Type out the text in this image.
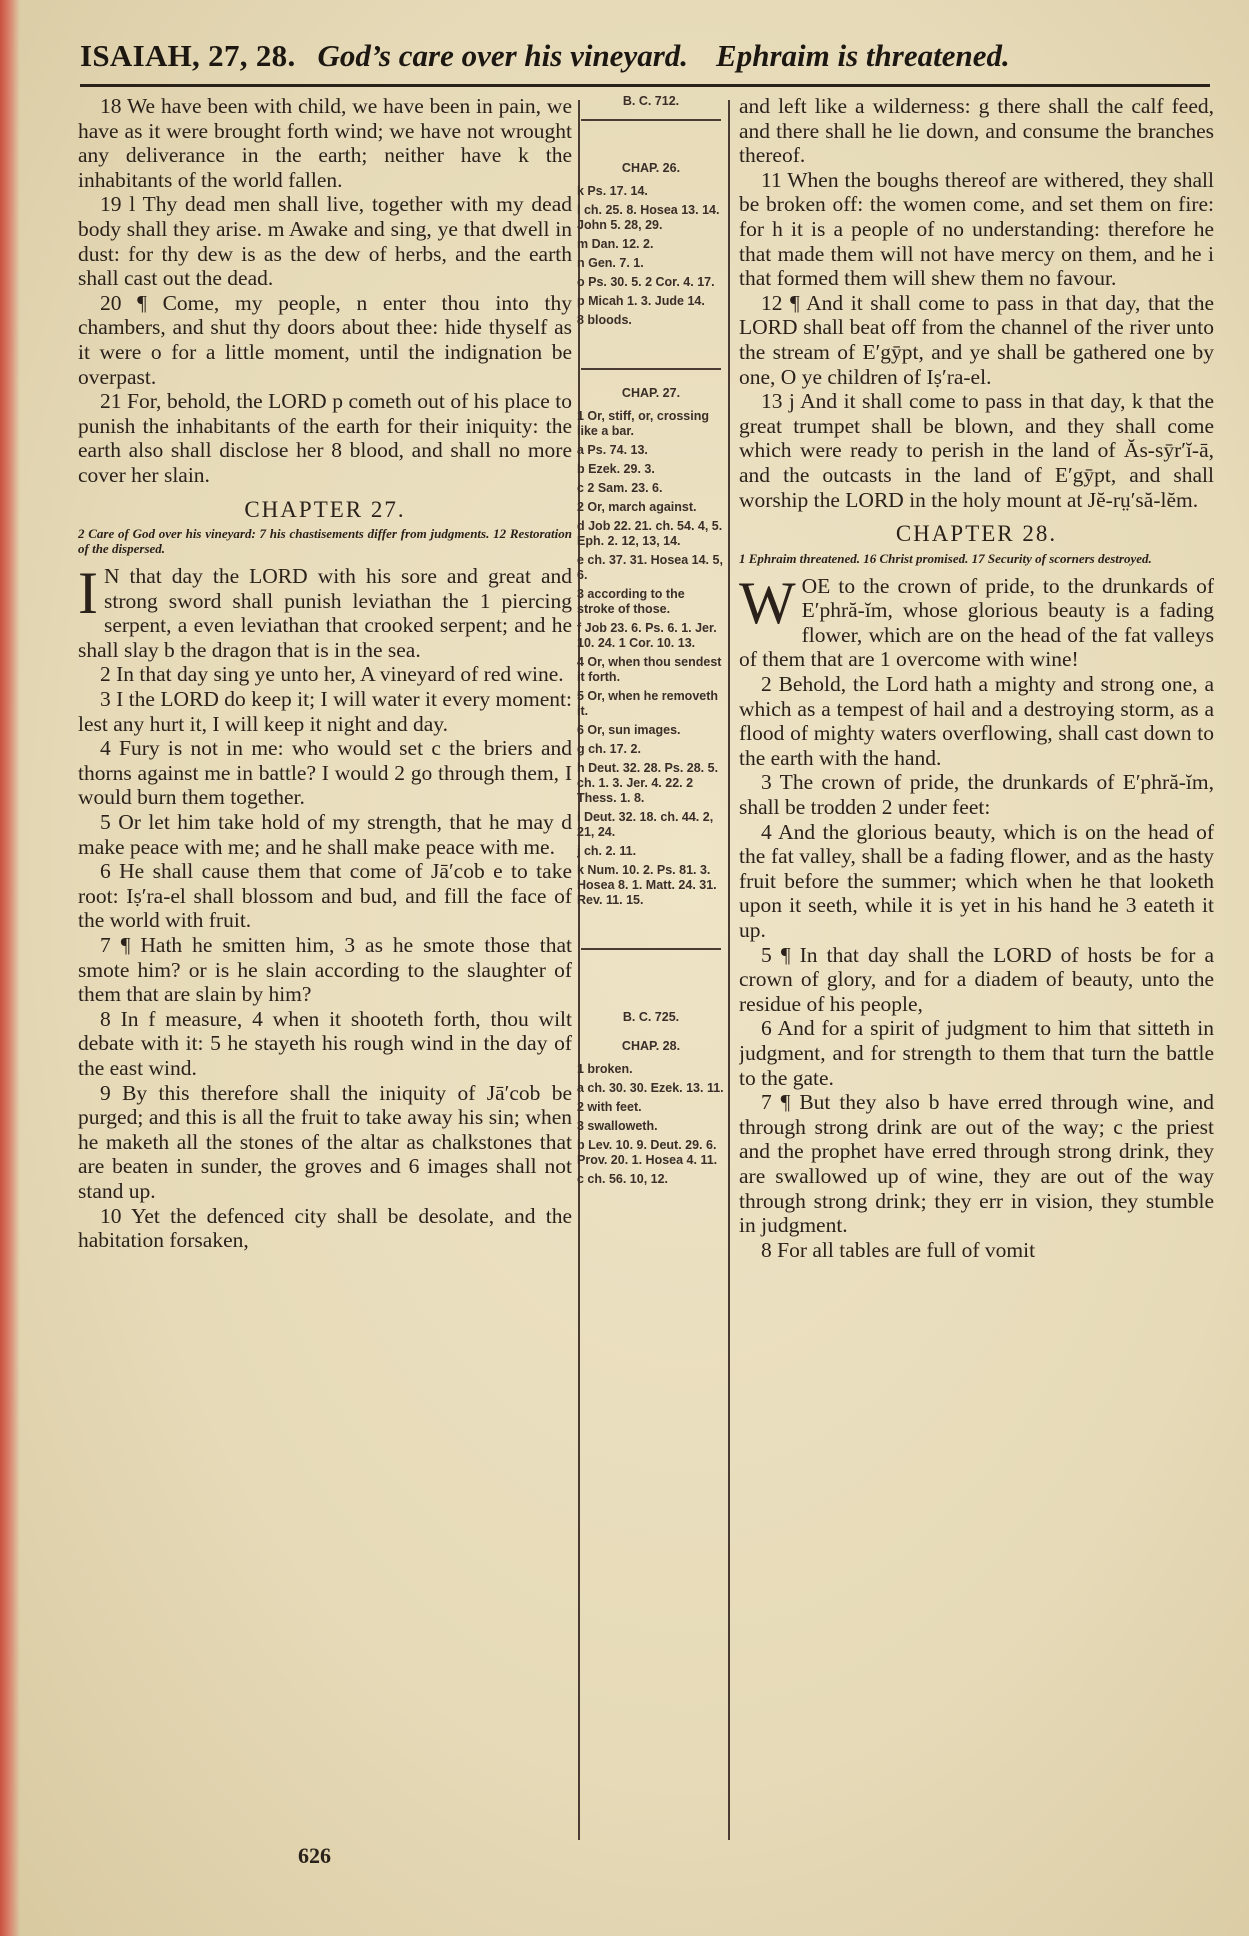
ISAIAH, 27, 28. God’s care over his vineyard. Ephraim is threatened.

18 We have been with child, we have been in pain, we have as it were brought forth wind; we have not wrought any deliverance in the earth; neither have k the inhabitants of the world fallen.

19 l Thy dead men shall live, together with my dead body shall they arise. m Awake and sing, ye that dwell in dust: for thy dew is as the dew of herbs, and the earth shall cast out the dead.

20 ¶ Come, my people, n enter thou into thy chambers, and shut thy doors about thee: hide thyself as it were o for a little moment, until the indignation be overpast.

21 For, behold, the LORD p cometh out of his place to punish the inhabitants of the earth for their iniquity: the earth also shall disclose her 8 blood, and shall no more cover her slain.

CHAPTER 27.

2 Care of God over his vineyard: 7 his chastisements differ from judgments. 12 Restoration of the dispersed.

I N that day the LORD with his sore and great and strong sword shall punish leviathan the 1 piercing serpent, a even leviathan that crooked serpent; and he shall slay b the dragon that is in the sea.

2 In that day sing ye unto her, A vineyard of red wine.

3 I the LORD do keep it; I will water it every moment: lest any hurt it, I will keep it night and day.

4 Fury is not in me: who would set c the briers and thorns against me in battle? I would 2 go through them, I would burn them together.

5 Or let him take hold of my strength, that he may d make peace with me; and he shall make peace with me.

6 He shall cause them that come of Jā′cob e to take root: Iṣ′ra-el shall blossom and bud, and fill the face of the world with fruit.

7 ¶ Hath he smitten him, 3 as he smote those that smote him? or is he slain according to the slaughter of them that are slain by him?

8 In f measure, 4 when it shooteth forth, thou wilt debate with it: 5 he stayeth his rough wind in the day of the east wind.

9 By this therefore shall the iniquity of Jā′cob be purged; and this is all the fruit to take away his sin; when he maketh all the stones of the altar as chalkstones that are beaten in sunder, the groves and 6 images shall not stand up.

10 Yet the defenced city shall be desolate, and the habitation forsaken,

B. C. 712.

CHAP. 26.

k Ps. 17. 14.

l ch. 25. 8. Hosea 13. 14. John 5. 28, 29.

m Dan. 12. 2.

n Gen. 7. 1.

o Ps. 30. 5. 2 Cor. 4. 17.

p Micah 1. 3. Jude 14.

8 bloods.

CHAP. 27.

1 Or, stiff, or, crossing like a bar.

a Ps. 74. 13.

b Ezek. 29. 3.

c 2 Sam. 23. 6.

2 Or, march against.

d Job 22. 21. ch. 54. 4, 5. Eph. 2. 12, 13, 14.

e ch. 37. 31. Hosea 14. 5, 6.

3 according to the stroke of those.

f Job 23. 6. Ps. 6. 1. Jer. 10. 24. 1 Cor. 10. 13.

4 Or, when thou sendest it forth.

5 Or, when he removeth it.

6 Or, sun images.

g ch. 17. 2.

h Deut. 32. 28. Ps. 28. 5. ch. 1. 3. Jer. 4. 22. 2 Thess. 1. 8.

i Deut. 32. 18. ch. 44. 2, 21, 24.

j ch. 2. 11.

k Num. 10. 2. Ps. 81. 3. Hosea 8. 1. Matt. 24. 31. Rev. 11. 15.

B. C. 725.

CHAP. 28.

1 broken.

a ch. 30. 30. Ezek. 13. 11.

2 with feet.

3 swalloweth.

b Lev. 10. 9. Deut. 29. 6. Prov. 20. 1. Hosea 4. 11.

c ch. 56. 10, 12.

and left like a wilderness: g there shall the calf feed, and there shall he lie down, and consume the branches thereof.

11 When the boughs thereof are withered, they shall be broken off: the women come, and set them on fire: for h it is a people of no understanding: therefore he that made them will not have mercy on them, and he i that formed them will shew them no favour.

12 ¶ And it shall come to pass in that day, that the LORD shall beat off from the channel of the river unto the stream of E′gȳpt, and ye shall be gathered one by one, O ye children of Iṣ′ra-el.

13 j And it shall come to pass in that day, k that the great trumpet shall be blown, and they shall come which were ready to perish in the land of Ăs-sȳr′ĭ-ā, and the outcasts in the land of E′gȳpt, and shall worship the LORD in the holy mount at Jĕ-rṳ′să-lĕm.

CHAPTER 28.

1 Ephraim threatened. 16 Christ promised. 17 Security of scorners destroyed.

WOE to the crown of pride, to the drunkards of E′phră-ĭm, whose glorious beauty is a fading flower, which are on the head of the fat valleys of them that are 1 overcome with wine!

2 Behold, the Lord hath a mighty and strong one, a which as a tempest of hail and a destroying storm, as a flood of mighty waters overflowing, shall cast down to the earth with the hand.

3 The crown of pride, the drunkards of E′phră-ĭm, shall be trodden 2 under feet:

4 And the glorious beauty, which is on the head of the fat valley, shall be a fading flower, and as the hasty fruit before the summer; which when he that looketh upon it seeth, while it is yet in his hand he 3 eateth it up.

5 ¶ In that day shall the LORD of hosts be for a crown of glory, and for a diadem of beauty, unto the residue of his people,

6 And for a spirit of judgment to him that sitteth in judgment, and for strength to them that turn the battle to the gate.

7 ¶ But they also b have erred through wine, and through strong drink are out of the way; c the priest and the prophet have erred through strong drink, they are swallowed up of wine, they are out of the way through strong drink; they err in vision, they stumble in judgment.

8 For all tables are full of vomit

626
